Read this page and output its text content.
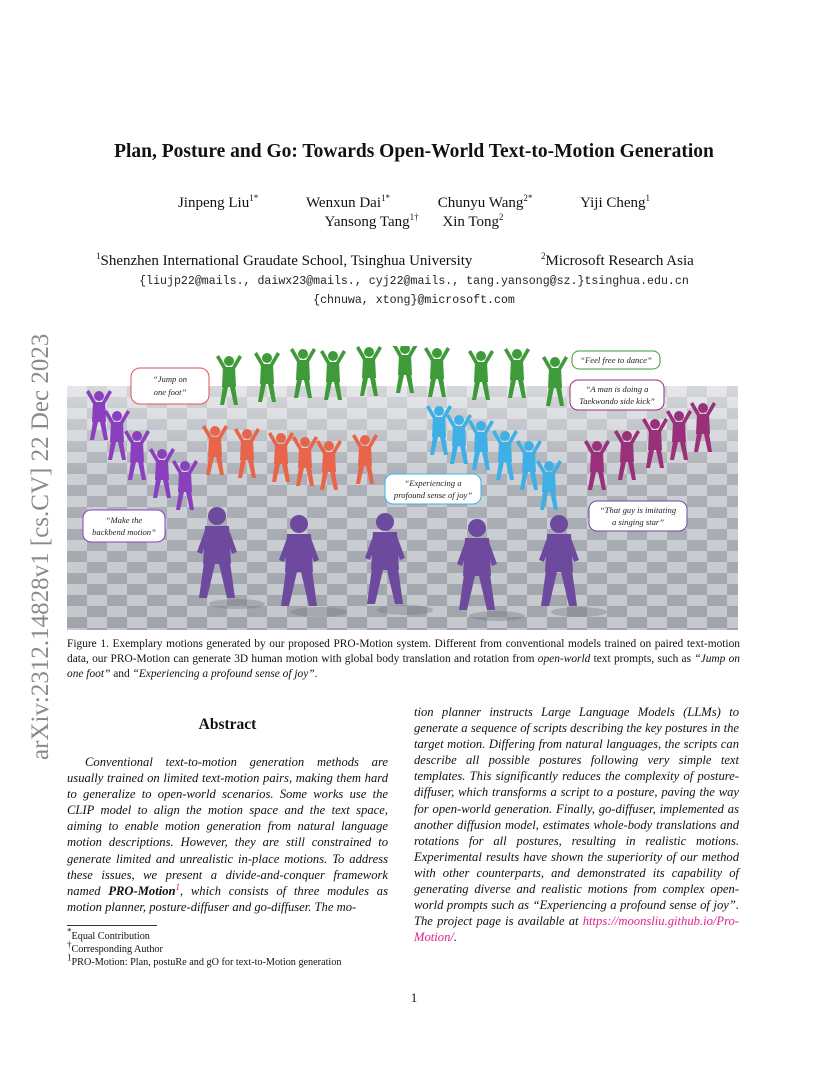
arXiv:2312.14828v1 [cs.CV] 22 Dec 2023
Plan, Posture and Go: Towards Open-World Text-to-Motion Generation
Jinpeng Liu$^{1*}$	Wenxun Dai$^{1*}$	Chunyu Wang$^{2*}$	Yiji Cheng$^1$
Yansong Tang$^{1\dagger}$ Xin Tong$^2$
$^1$Shenzhen International Graudate School, Tsinghua University	$^2$Microsoft Research Asia
{liujp22@mails., daiwx23@mails., cyj22@mails., tang.yansong@sz.}tsinghua.edu.cn
{chnuwa, xtong}@microsoft.com
“Jump on
one foot”
“Feel free to dance”
“A man is doing a
Taekwondo side kick”
“Experiencing a
profound sense of joy”
“That guy is imitating
a singing star”
“Make the
backbend motion”
Figure 1. Exemplary motions generated by our proposed PRO-Motion system. Different from conventional models trained on paired text-motion data, our PRO-Motion can generate 3D human motion with global body translation and rotation from open-world text prompts, such as “Jump on one foot” and “Experiencing a profound sense of joy”.
Abstract

Conventional text-to-motion generation methods are usually trained on limited text-motion pairs, making them hard to generalize to open-world scenarios. Some works use the CLIP model to align the motion space and the text space, aiming to enable motion generation from natural language motion descriptions. However, they are still constrained to generate limited and unrealistic in-place motions. To address these issues, we present a divide-and-conquer framework named PRO-Motion$^1$, which consists of three modules as motion planner, posture-diffuser and go-diffuser. The mo-

tion planner instructs Large Language Models (LLMs) to generate a sequence of scripts describing the key postures in the target motion. Differing from natural languages, the scripts can describe all possible postures following very simple text templates. This significantly reduces the complexity of posture-diffuser, which transforms a script to a posture, paving the way for open-world generation. Finally, go-diffuser, implemented as another diffusion model, estimates whole-body translations and rotations for all postures, resulting in realistic motions. Experimental results have shown the superiority of our method with other counterparts, and demonstrated its capability of generating diverse and realistic motions from complex open-world prompts such as “Experiencing a profound sense of joy”. The project page is available at https://moonsliu.github.io/Pro-Motion/.

*Equal Contribution
†Corresponding Author
$^1$PRO-Motion: Plan, postuRe and gO for text-to-Motion generation
1
